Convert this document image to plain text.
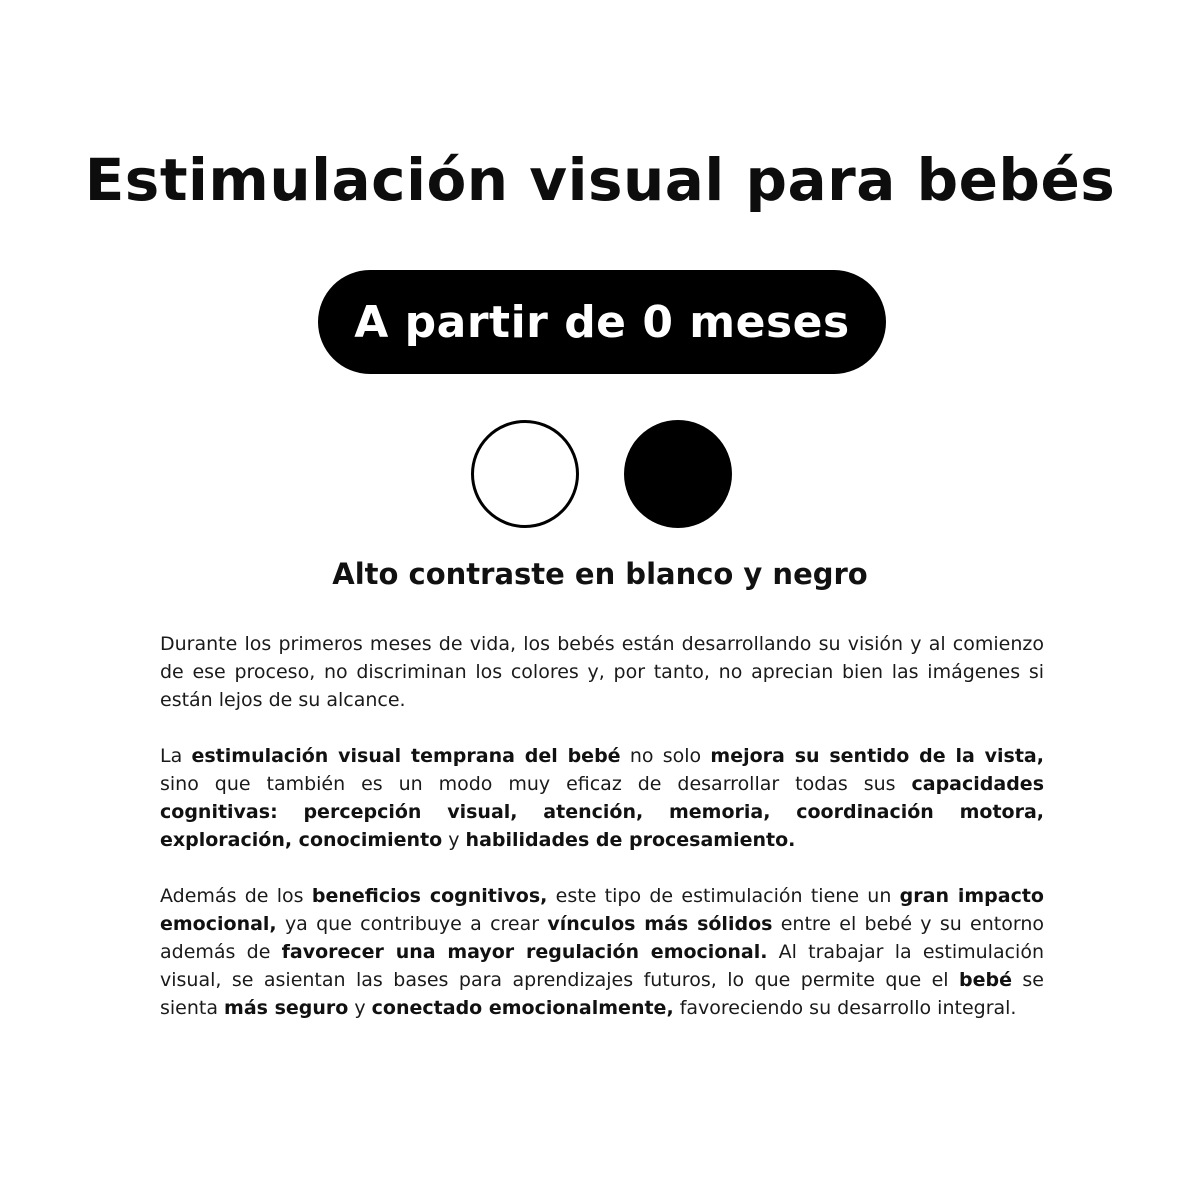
Estimulación visual para bebés
A partir de 0 meses
Alto contraste en blanco y negro

Durante los primeros meses de vida, los bebés están desarrollando su visión y al comienzo de ese proceso, no discriminan los colores y, por tanto, no aprecian bien las imágenes si están lejos de su alcance.

La estimulación visual temprana del bebé no solo mejora su sentido de la vista, sino que también es un modo muy eficaz de desarrollar todas sus capacidades cognitivas: percepción visual, atención, memoria, coordinación motora, exploración, conocimiento y habilidades de procesamiento.

Además de los beneficios cognitivos, este tipo de estimulación tiene un gran impacto emocional, ya que contribuye a crear vínculos más sólidos entre el bebé y su entorno además de favorecer una mayor regulación emocional. Al trabajar la estimulación visual, se asientan las bases para aprendizajes futuros, lo que permite que el bebé se sienta más seguro y conectado emocionalmente, favoreciendo su desarrollo integral.
